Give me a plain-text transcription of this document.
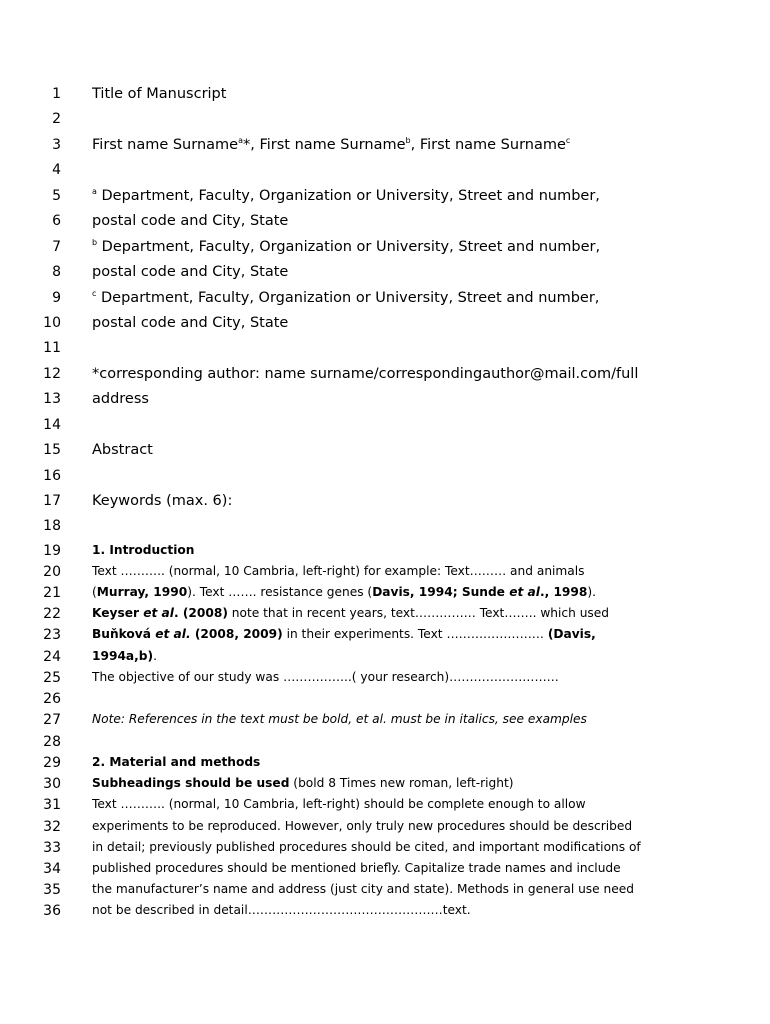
1 Title of Manuscript
2
3 First name Surname$^a$*, First name Surname$^b$, First name Surname$^c$
4
5	$^a$ Department, Faculty, Organization or University, Street and number,
6 postal code and City, State
7	$^b$ Department, Faculty, Organization or University, Street and number,
8 postal code and City, State
9	$^c$ Department, Faculty, Organization or University, Street and number,
10 postal code and City, State
11
12 *corresponding author: name surname/correspondingauthor@mail.com/full
13 address
14
15 Abstract
16
17 Keywords (max. 6):
18
19	1. Introduction
20	Text ……….. (normal, 10 Cambria, left-right) for example: Text……… and animals
21	(Murray, 1990). Text ……. resistance genes (Davis, 1994; Sunde et al., 1998).
22	Keyser et al. (2008) note that in recent years, text…………… Text…….. which used
23	Buňková et al. (2008, 2009) in their experiments. Text …………………… (Davis,
24	1994a,b).
25	The objective of our study was ……………..( your research)………………………
26
27	Note: References in the text must be bold, et al. must be in italics, see examples
28
29	2. Material and methods
30	Subheadings should be used (bold 8 Times new roman, left-right)
31	Text ……….. (normal, 10 Cambria, left-right) should be complete enough to allow
32	experiments to be reproduced. However, only truly new procedures should be described
33	in detail; previously published procedures should be cited, and important modifications of
34	published procedures should be mentioned briefly. Capitalize trade names and include
35	the manufacturer’s name and address (just city and state). Methods in general use need
36	not be described in detail…………………………………………text.
